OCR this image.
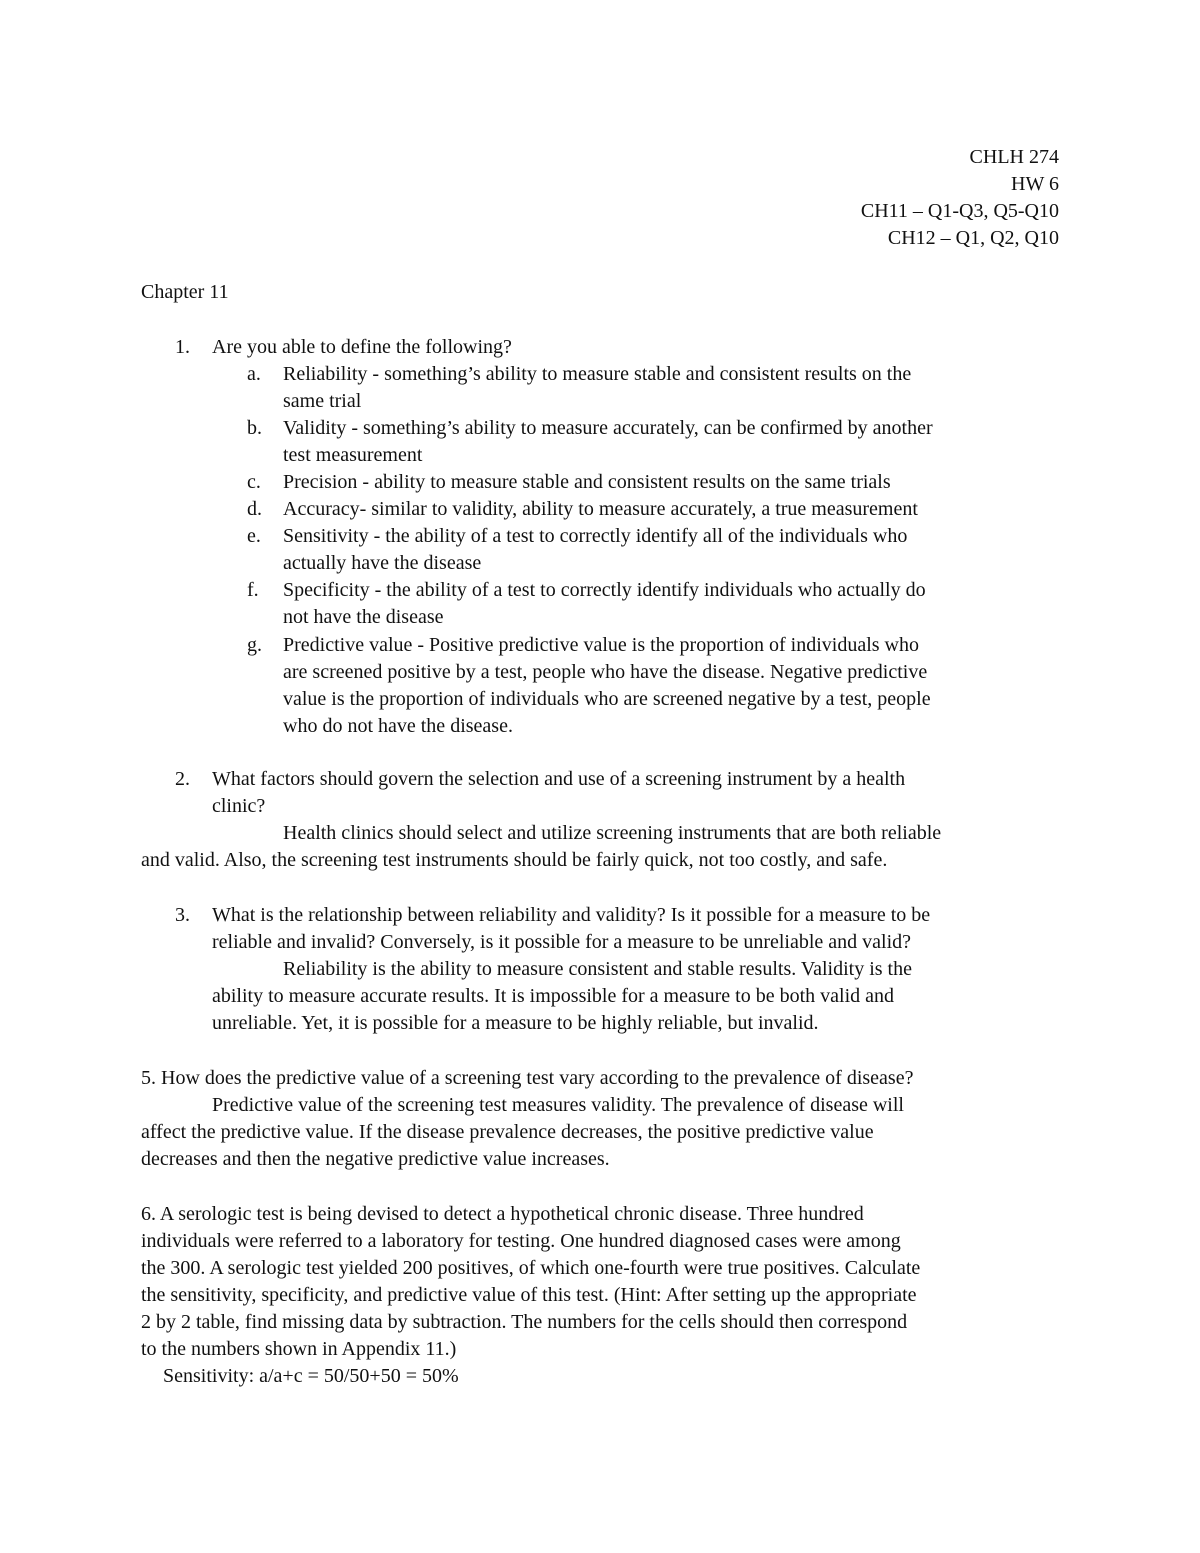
CHLH 274
HW 6
CH11 – Q1-Q3, Q5-Q10
CH12 – Q1, Q2, Q10
Chapter 11
1. Are you able to define the following?
a. Reliability - something’s ability to measure stable and consistent results on the
same trial
b. Validity - something’s ability to measure accurately, can be confirmed by another
test measurement
c. Precision - ability to measure stable and consistent results on the same trials
d. Accuracy- similar to validity, ability to measure accurately, a true measurement
e. Sensitivity - the ability of a test to correctly identify all of the individuals who
actually have the disease
f. Specificity - the ability of a test to correctly identify individuals who actually do
not have the disease
g. Predictive value - Positive predictive value is the proportion of individuals who
are screened positive by a test, people who have the disease. Negative predictive
value is the proportion of individuals who are screened negative by a test, people
who do not have the disease.
2. What factors should govern the selection and use of a screening instrument by a health
clinic?
Health clinics should select and utilize screening instruments that are both reliable
and valid. Also, the screening test instruments should be fairly quick, not too costly, and safe.
3. What is the relationship between reliability and validity? Is it possible for a measure to be
reliable and invalid? Conversely, is it possible for a measure to be unreliable and valid?
Reliability is the ability to measure consistent and stable results. Validity is the
ability to measure accurate results. It is impossible for a measure to be both valid and
unreliable. Yet, it is possible for a measure to be highly reliable, but invalid.
5. How does the predictive value of a screening test vary according to the prevalence of disease?
Predictive value of the screening test measures validity. The prevalence of disease will
affect the predictive value. If the disease prevalence decreases, the positive predictive value
decreases and then the negative predictive value increases.
6. A serologic test is being devised to detect a hypothetical chronic disease. Three hundred
individuals were referred to a laboratory for testing. One hundred diagnosed cases were among
the 300. A serologic test yielded 200 positives, of which one-fourth were true positives. Calculate
the sensitivity, specificity, and predictive value of this test. (Hint: After setting up the appropriate
2 by 2 table, find missing data by subtraction. The numbers for the cells should then correspond
to the numbers shown in Appendix 11.)
Sensitivity: a/a+c = 50/50+50 = 50%
